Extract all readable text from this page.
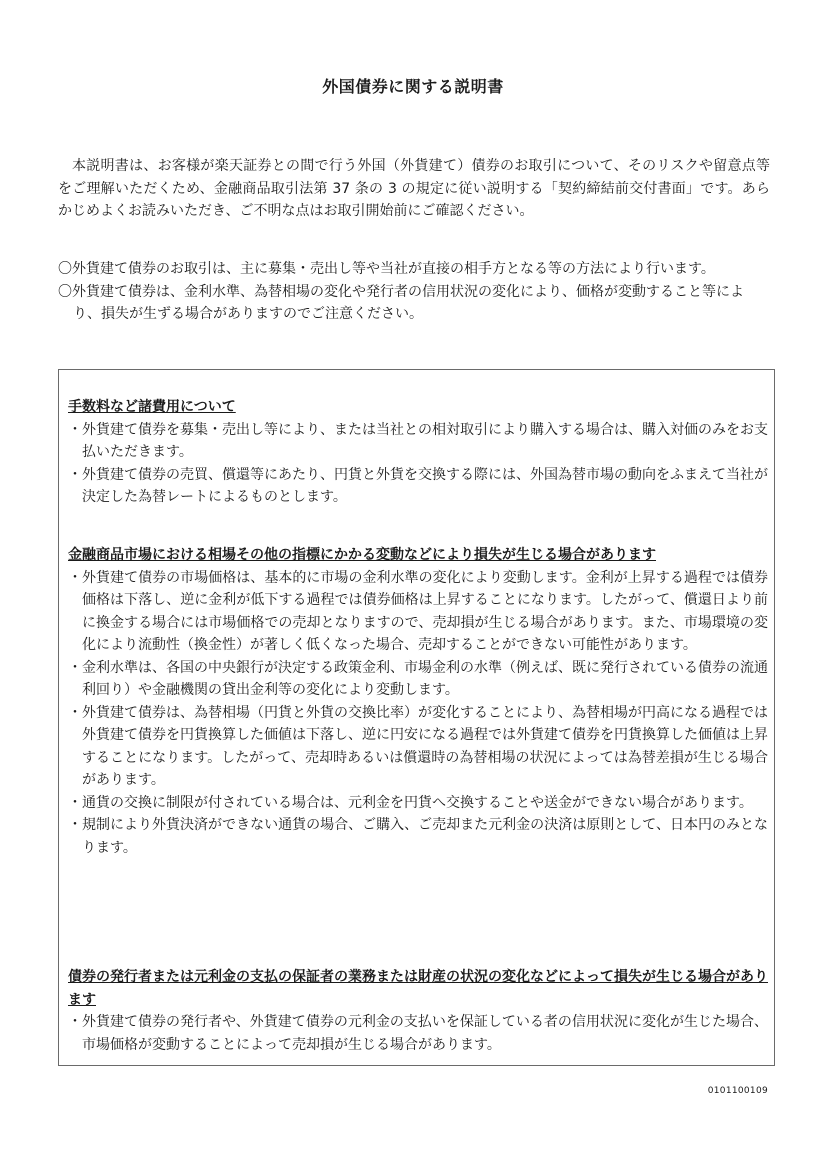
外国債券に関する説明書

本説明書は、お客様が楽天証券との間で行う外国（外貨建て）債券のお取引について、そのリスクや留意点等をご理解いただくため、金融商品取引法第 37 条の 3 の規定に従い説明する「契約締結前交付書面」です。あらかじめよくお読みいただき、ご不明な点はお取引開始前にご確認ください。

〇外貨建て債券のお取引は、主に募集・売出し等や当社が直接の相手方となる等の方法により行います。
〇外貨建て債券は、金利水準、為替相場の変化や発行者の信用状況の変化により、価格が変動すること等により、損失が生ずる場合がありますのでご注意ください。

手数料など諸費用について

・外貨建て債券を募集・売出し等により、または当社との相対取引により購入する場合は、購入対価のみをお支払いただきます。
・外貨建て債券の売買、償還等にあたり、円貨と外貨を交換する際には、外国為替市場の動向をふまえて当社が決定した為替レートによるものとします。

金融商品市場における相場その他の指標にかかる変動などにより損失が生じる場合があります

・外貨建て債券の市場価格は、基本的に市場の金利水準の変化により変動します。金利が上昇する過程では債券価格は下落し、逆に金利が低下する過程では債券価格は上昇することになります。したがって、償還日より前に換金する場合には市場価格での売却となりますので、売却損が生じる場合があります。また、市場環境の変化により流動性（換金性）が著しく低くなった場合、売却することができない可能性があります。
・金利水準は、各国の中央銀行が決定する政策金利、市場金利の水準（例えば、既に発行されている債券の流通利回り）や金融機関の貸出金利等の変化により変動します。
・外貨建て債券は、為替相場（円貨と外貨の交換比率）が変化することにより、為替相場が円高になる過程では外貨建て債券を円貨換算した価値は下落し、逆に円安になる過程では外貨建て債券を円貨換算した価値は上昇することになります。したがって、売却時あるいは償還時の為替相場の状況によっては為替差損が生じる場合があります。
・通貨の交換に制限が付されている場合は、元利金を円貨へ交換することや送金ができない場合があります。
・規制により外貨決済ができない通貨の場合、ご購入、ご売却また元利金の決済は原則として、日本円のみとなります。

債券の発行者または元利金の支払の保証者の業務または財産の状況の変化などによって損失が生じる場合があります

・外貨建て債券の発行者や、外貨建て債券の元利金の支払いを保証している者の信用状況に変化が生じた場合、市場価格が変動することによって売却損が生じる場合があります。
0101100109
